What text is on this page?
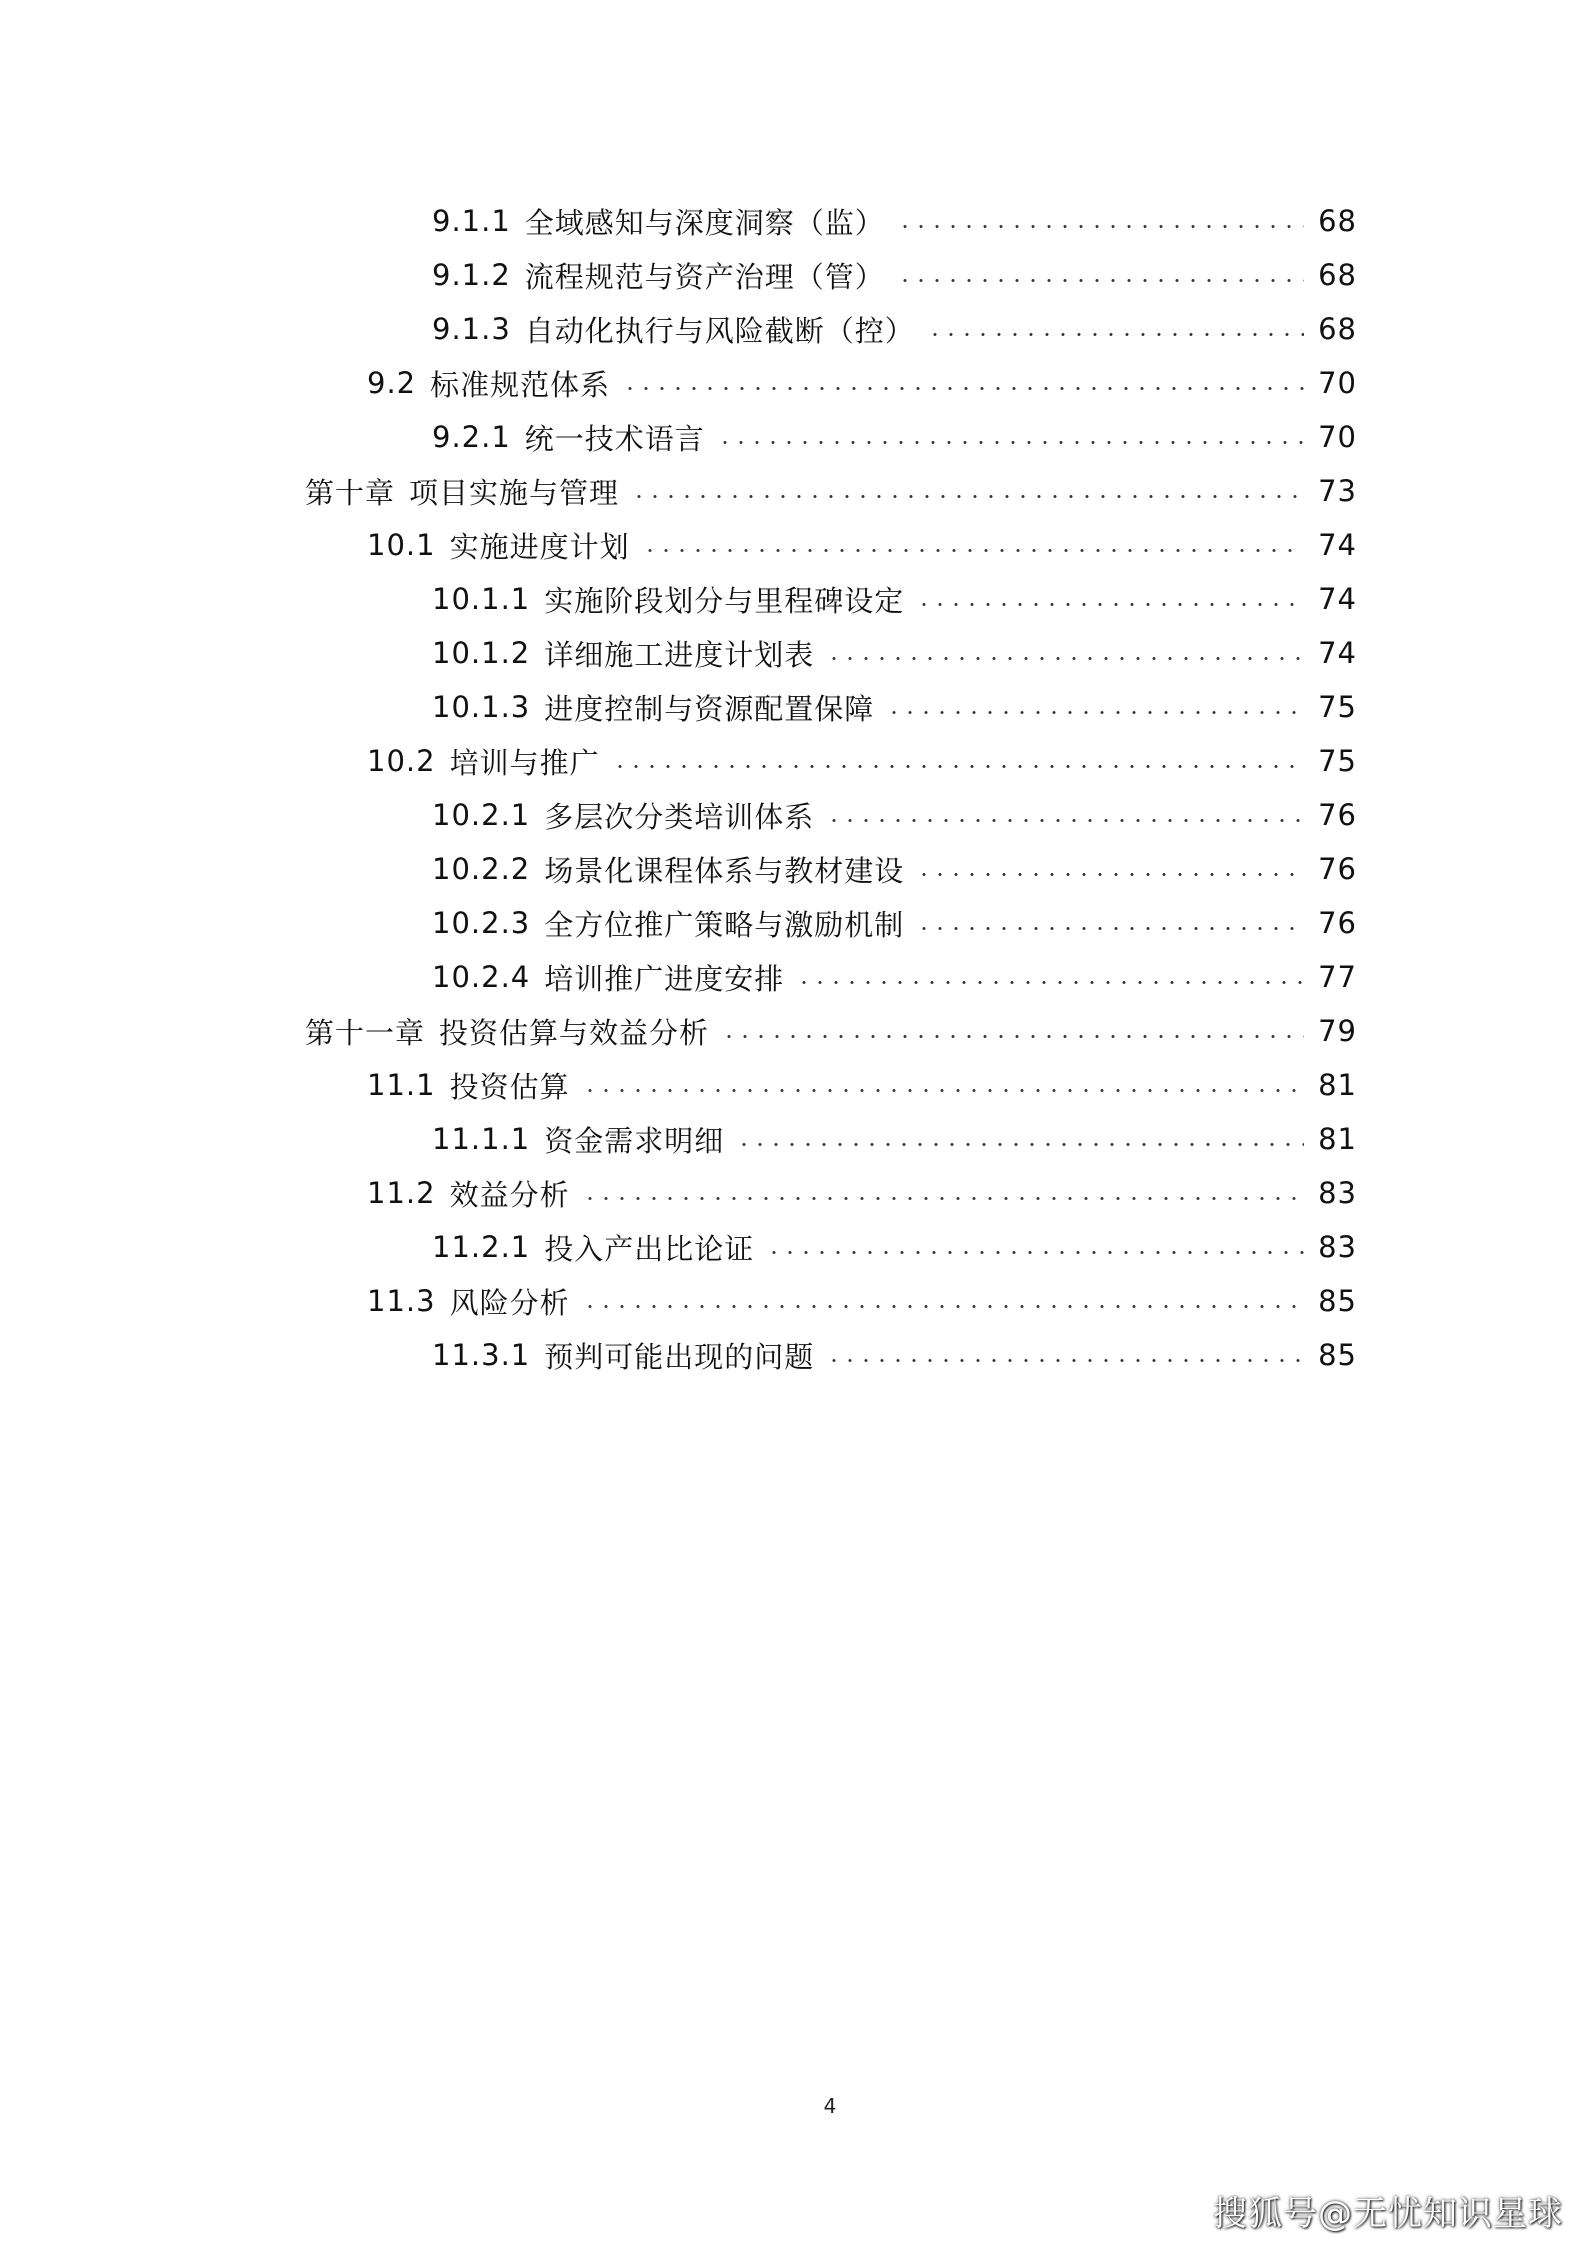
9.1.1 全域感知与深度洞察（监）	68
9.1.2 流程规范与资产治理（管）	68
9.1.3 自动化执行与风险截断（控）	68
9.2 标准规范体系	70
9.2.1 统一技术语言	70
第十章 项目实施与管理	73
10.1 实施进度计划	74
10.1.1 实施阶段划分与里程碑设定	74
10.1.2 详细施工进度计划表	74
10.1.3 进度控制与资源配置保障	75
10.2 培训与推广	75
10.2.1 多层次分类培训体系	76
10.2.2 场景化课程体系与教材建设	76
10.2.3 全方位推广策略与激励机制	76
10.2.4 培训推广进度安排	77
第十一章 投资估算与效益分析	79
11.1 投资估算	81
11.1.1 资金需求明细	81
11.2 效益分析	83
11.2.1 投入产出比论证	83
11.3 风险分析	85
11.3.1 预判可能出现的问题	85
4
搜狐号@无忧知识星球
